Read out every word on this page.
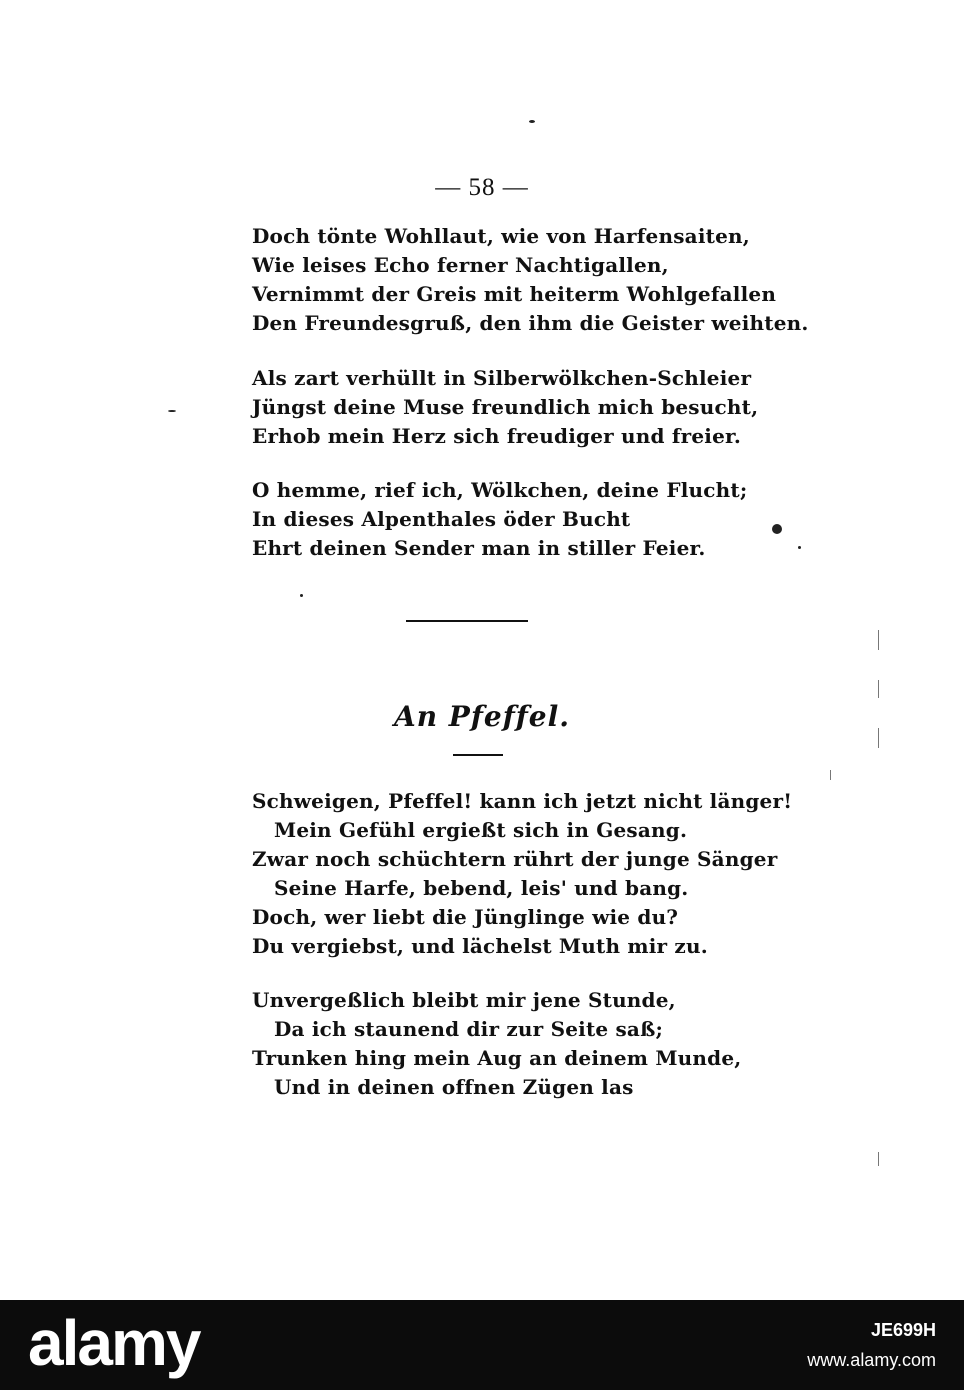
— 58 —
Doch tönte Wohllaut, wie von Harfensaiten,
Wie leises Echo ferner Nachtigallen,
Vernimmt der Greis mit heiterm Wohlgefallen
Den Freundesgruß, den ihm die Geister weihten.
Als zart verhüllt in Silberwölkchen-Schleier
Jüngst deine Muse freundlich mich besucht,
Erhob mein Herz sich freudiger und freier.
O hemme, rief ich, Wölkchen, deine Flucht;
In dieses Alpenthales öder Bucht
Ehrt deinen Sender man in stiller Feier.
An Pfeffel.
Schweigen, Pfeffel! kann ich jetzt nicht länger!
Mein Gefühl ergießt sich in Gesang.
Zwar noch schüchtern rührt der junge Sänger
Seine Harfe, bebend, leis' und bang.
Doch, wer liebt die Jünglinge wie du?
Du vergiebst, und lächelst Muth mir zu.
Unvergeßlich bleibt mir jene Stunde,
Da ich staunend dir zur Seite saß;
Trunken hing mein Aug an deinem Munde,
Und in deinen offnen Zügen las
alamy	JE699H
www.alamy.com
